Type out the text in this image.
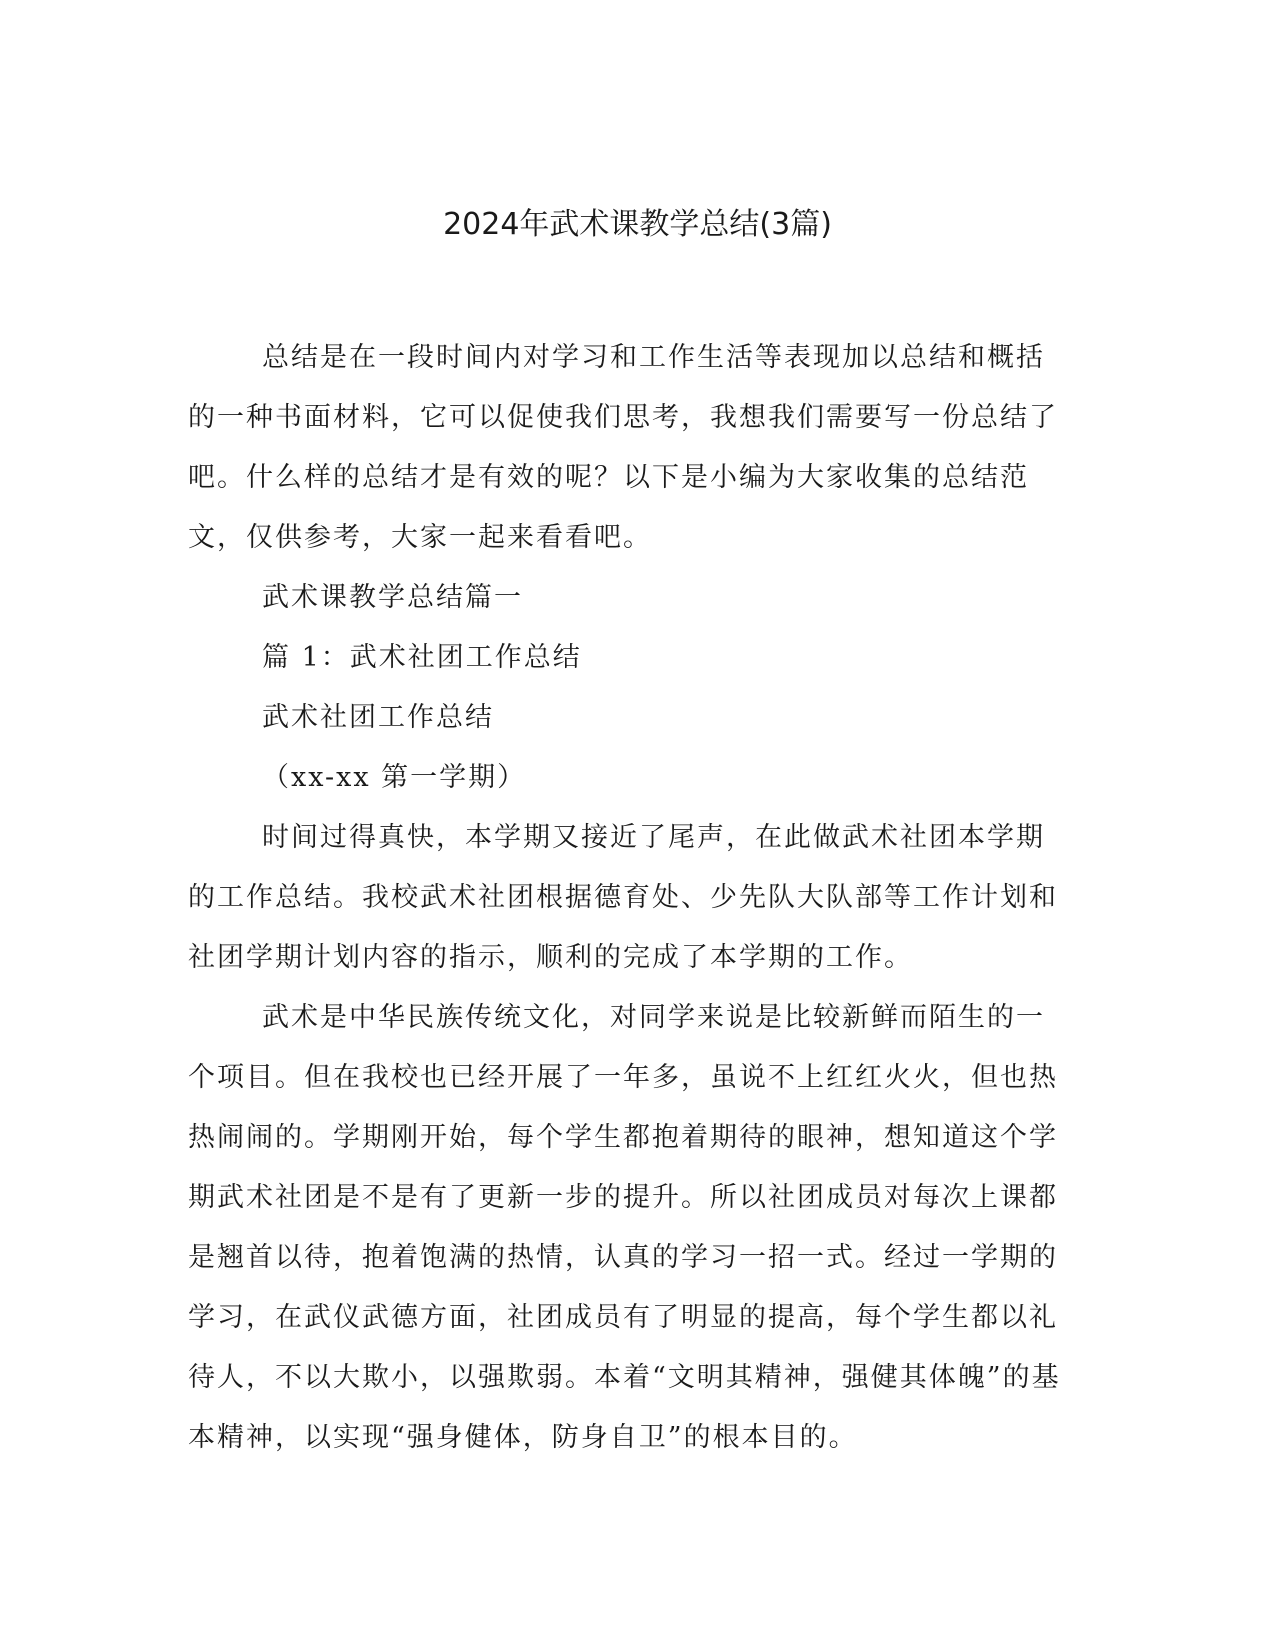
2024年武术课教学总结(3篇)

总结是在一段时间内对学习和工作生活等表现加以总结和概括的一种书面材料，它可以促使我们思考，我想我们需要写一份总结了吧。什么样的总结才是有效的呢？以下是小编为大家收集的总结范文，仅供参考，大家一起来看看吧。

武术课教学总结篇一

篇 1：武术社团工作总结

武术社团工作总结

（xx-xx 第一学期）

时间过得真快，本学期又接近了尾声，在此做武术社团本学期的工作总结。我校武术社团根据德育处、少先队大队部等工作计划和社团学期计划内容的指示，顺利的完成了本学期的工作。

武术是中华民族传统文化，对同学来说是比较新鲜而陌生的一个项目。但在我校也已经开展了一年多，虽说不上红红火火，但也热热闹闹的。学期刚开始，每个学生都抱着期待的眼神，想知道这个学期武术社团是不是有了更新一步的提升。所以社团成员对每次上课都是翘首以待，抱着饱满的热情，认真的学习一招一式。经过一学期的学习，在武仪武德方面，社团成员有了明显的提高，每个学生都以礼待人，不以大欺小，以强欺弱。本着“文明其精神，强健其体魄”的基本精神，以实现“强身健体，防身自卫”的根本目的。
